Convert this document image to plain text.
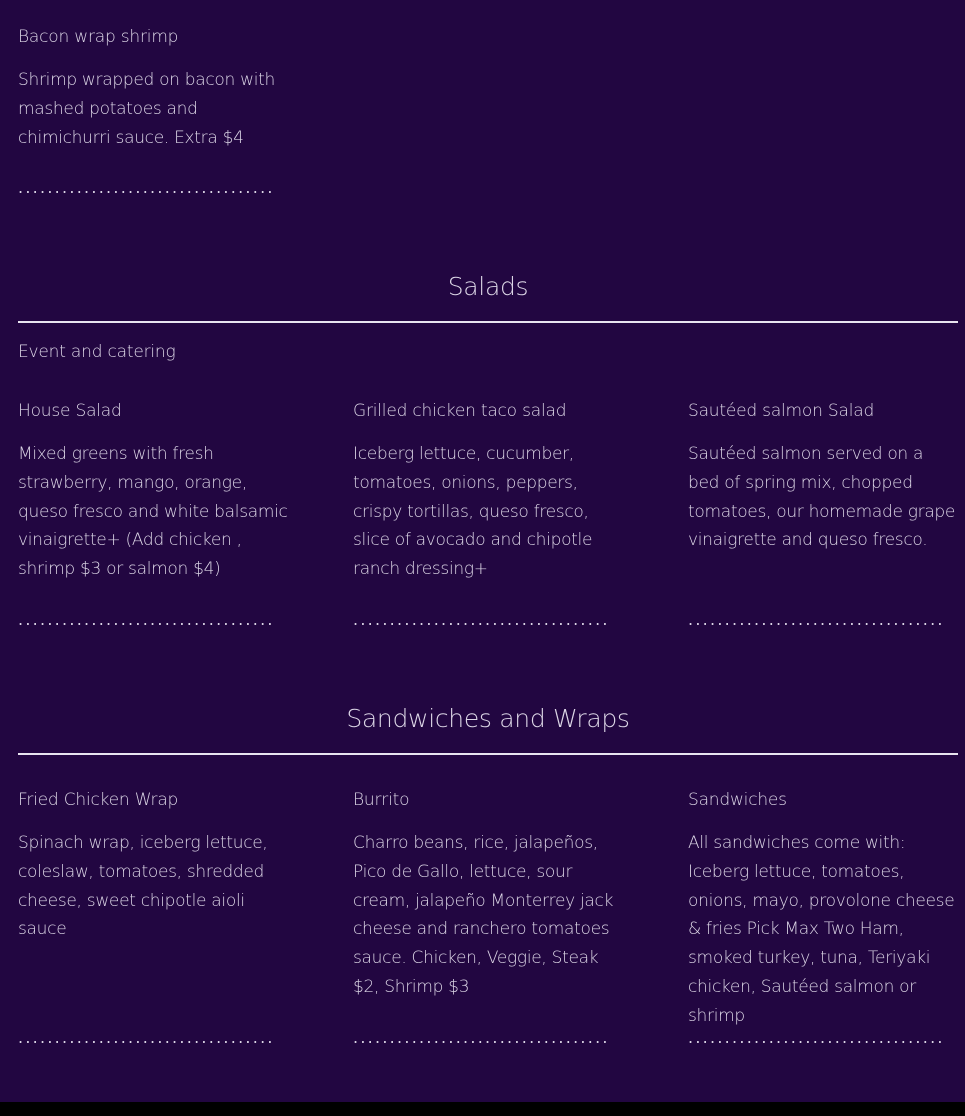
Bacon wrap shrimp
Shrimp wrapped on bacon with mashed potatoes and chimichurri sauce. Extra $4
...................................
Salads
Event and catering
House Salad
Mixed greens with fresh strawberry, mango, orange, queso fresco and white balsamic vinaigrette+ (Add chicken , shrimp $3 or salmon $4)
...................................
Grilled chicken taco salad
Iceberg lettuce, cucumber, tomatoes, onions, peppers, crispy tortillas, queso fresco, slice of avocado and chipotle ranch dressing+
...................................
Sautéed salmon Salad
Sautéed salmon served on a bed of spring mix, chopped tomatoes, our homemade grape vinaigrette and queso fresco.
...................................
Sandwiches and Wraps
Fried Chicken Wrap
Spinach wrap, iceberg lettuce, coleslaw, tomatoes, shredded cheese, sweet chipotle aioli sauce
...................................
Burrito
Charro beans, rice, jalapeños, Pico de Gallo, lettuce, sour cream, jalapeño Monterrey jack cheese and ranchero tomatoes sauce. Chicken, Veggie, Steak $2, Shrimp $3
...................................
Sandwiches
All sandwiches come with: Iceberg lettuce, tomatoes, onions, mayo, provolone cheese & fries Pick Max Two Ham, smoked turkey, tuna, Teriyaki chicken, Sautéed salmon or shrimp
...................................
